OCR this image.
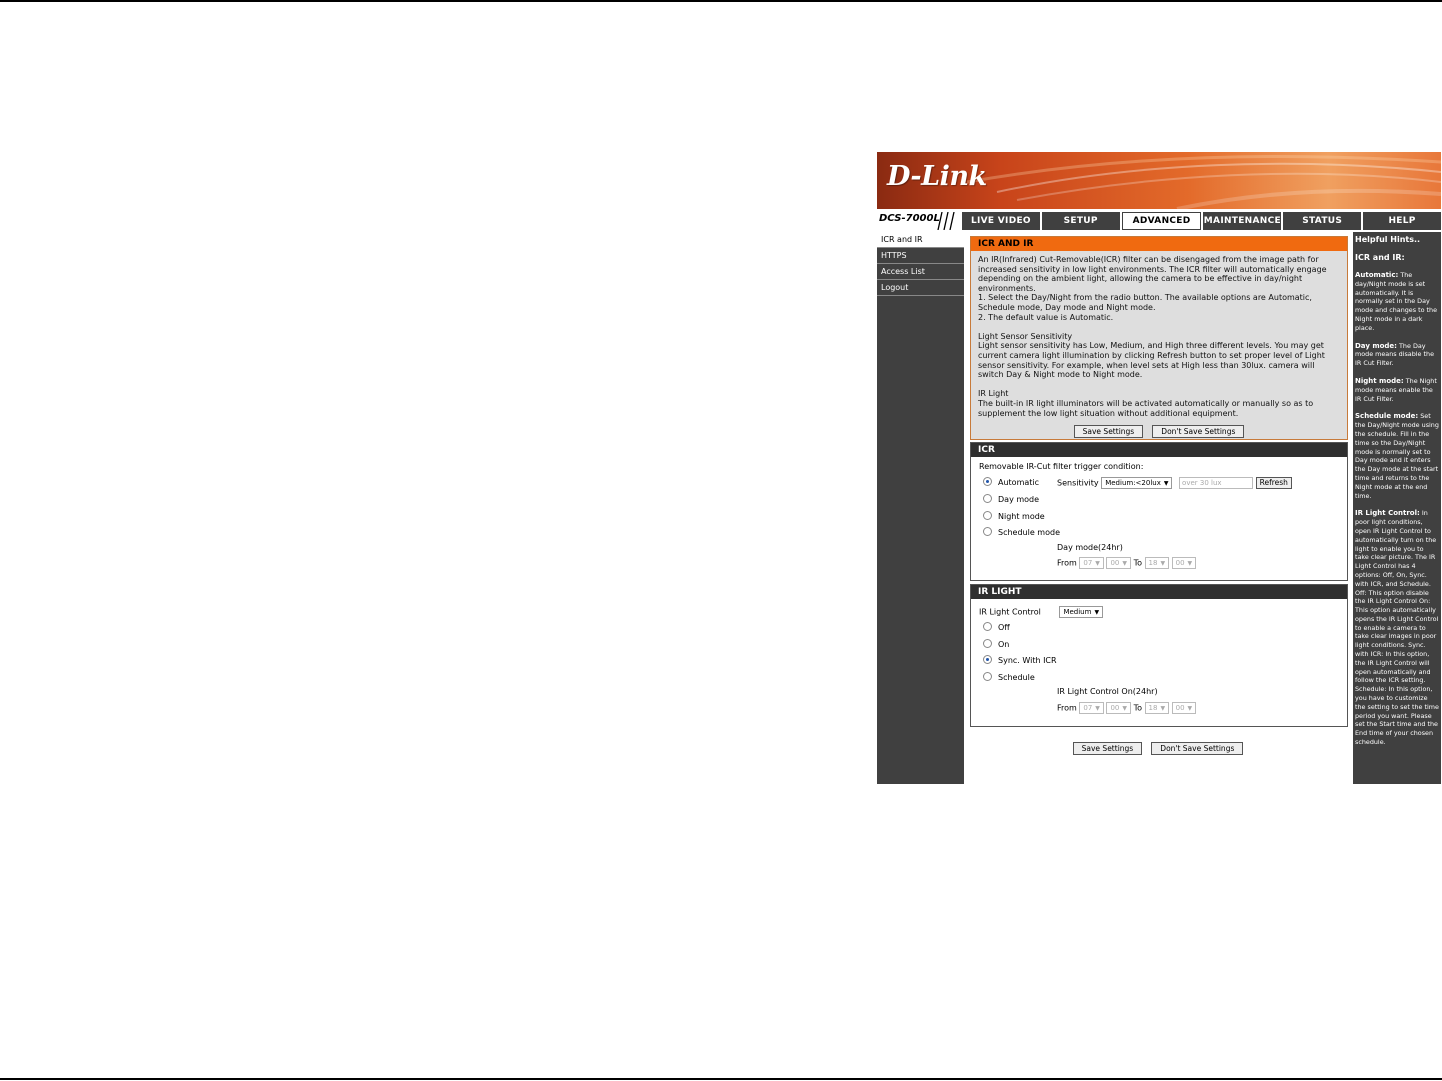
D-Link
DCS-7000L	LIVE VIDEO	SETUP	ADVANCED	MAINTENANCE	STATUS	HELP
ICR and IR
HTTPS
Access List
Logout
ICR AND IR
An IR(Infrared) Cut-Removable(ICR) filter can be disengaged from the image path for increased sensitivity in low light environments. The ICR filter will automatically engage depending on the ambient light, allowing the camera to be effective in day/night environments.
1. Select the Day/Night from the radio button. The available options are Automatic, Schedule mode, Day mode and Night mode.
2. The default value is Automatic.

Light Sensor Sensitivity
Light sensor sensitivity has Low, Medium, and High three different levels. You may get current camera light illumination by clicking Refresh button to set proper level of Light sensor sensitivity. For example, when level sets at High less than 30lux. camera will switch Day & Night mode to Night mode.

IR Light
The built-in IR light illuminators will be activated automatically or manually so as to supplement the low light situation without additional equipment.
Save Settings	Don't Save Settings
ICR
Removable IR-Cut filter trigger condition:
Automatic Sensitivity Medium:<20lux ▼ over 30 lux	Refresh
Day mode
Night mode
Schedule mode
Day mode(24hr)
From 07 ▼ 00 ▼ To 18 ▼ 00 ▼
IR LIGHT
IR Light Control	Medium ▼
Off
On
Sync. With ICR
Schedule
IR Light Control On(24hr)
From 07 ▼ 00 ▼ To 18 ▼ 00 ▼
Save Settings	Don't Save Settings
Helpful Hints..
ICR and IR:
Automatic: The day/Night mode is set automatically. It is normally set in the Day mode and changes to the Night mode in a dark place.
Day mode: The Day mode means disable the IR Cut Filter.
Night mode: The Night mode means enable the IR Cut Filter.
Schedule mode: Set the Day/Night mode using the schedule. Fill in the time so the Day/Night mode is normally set to Day mode and it enters the Day mode at the start time and returns to the Night mode at the end time.
IR Light Control: In poor light conditions, open IR Light Control to automatically turn on the light to enable you to take clear picture. The IR Light Control has 4 options: Off, On, Sync. with ICR, and Schedule. Off: This option disable the IR Light Control On: This option automatically opens the IR Light Control to enable a camera to take clear images in poor light conditions. Sync. with ICR: In this option, the IR Light Control will open automatically and follow the ICR setting. Schedule: In this option, you have to customize the setting to set the time period you want. Please set the Start time and the End time of your chosen schedule.
